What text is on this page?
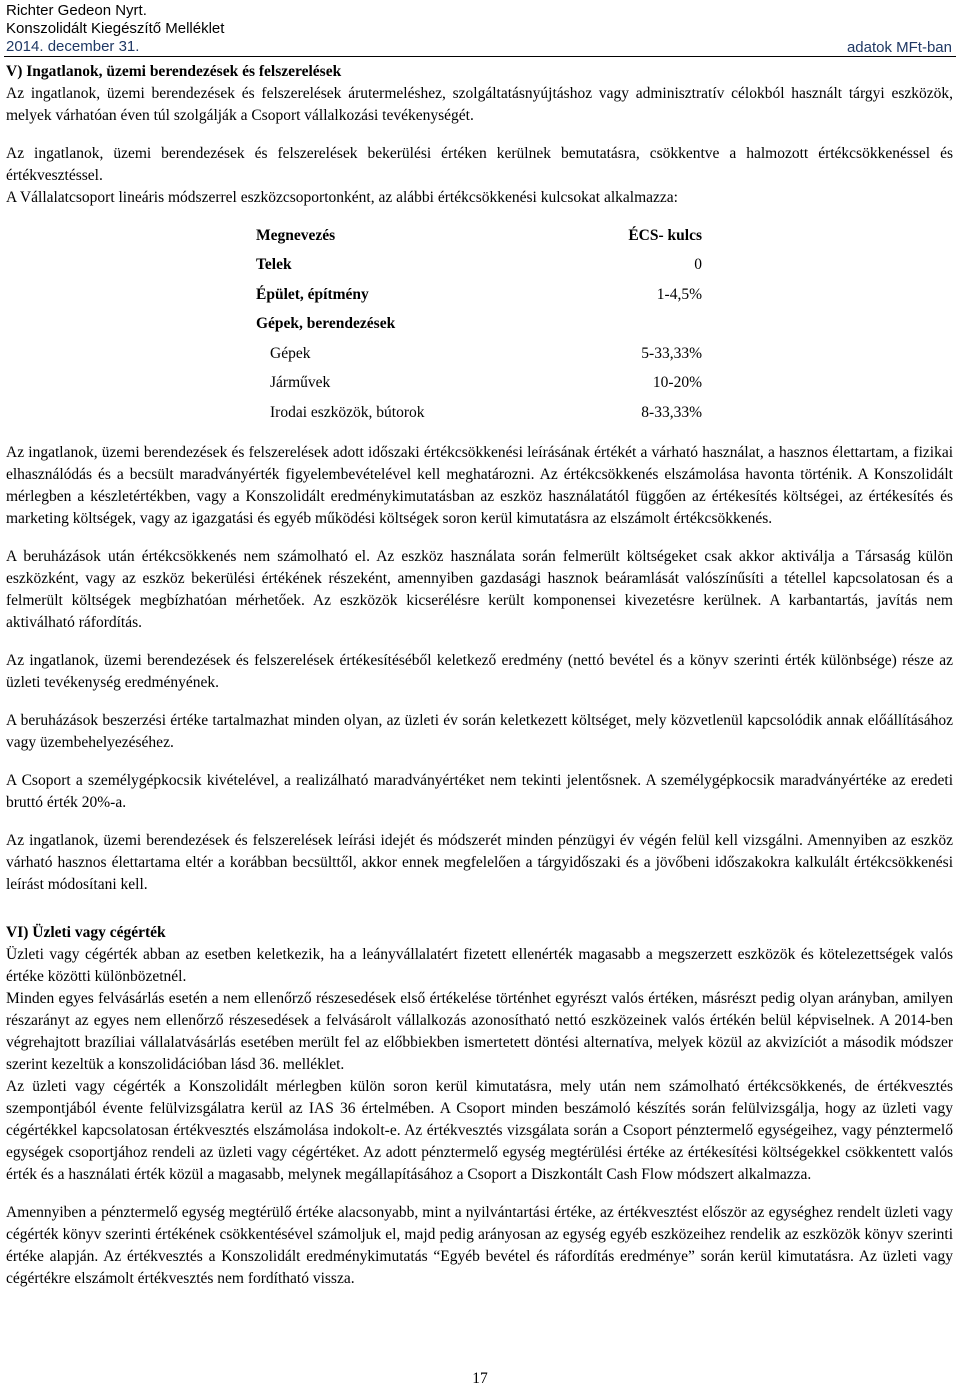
Richter Gedeon Nyrt.
Konszolidált Kiegészítő Melléklet
2014. december 31.	adatok MFt-ban
V) Ingatlanok, üzemi berendezések és felszerelések

Az ingatlanok, üzemi berendezések és felszerelések árutermeléshez, szolgáltatásnyújtáshoz vagy adminisztratív célokból használt tárgyi eszközök, melyek várhatóan éven túl szolgálják a Csoport vállalkozási tevékenységét.

Az ingatlanok, üzemi berendezések és felszerelések bekerülési értéken kerülnek bemutatásra, csökkentve a halmozott értékcsökkenéssel és értékvesztéssel.

A Vállalatcsoport lineáris módszerrel eszközcsoportonként, az alábbi értékcsökkenési kulcsokat alkalmazza:

Megnevezés	ÉCS- kulcs
Telek	0
Épület, építmény	1-4,5%
Gépek, berendezések	
Gépek	5-33,33%
Járművek	10-20%
Irodai eszközök, bútorok	8-33,33%

Az ingatlanok, üzemi berendezések és felszerelések adott időszaki értékcsökkenési leírásának értékét a várható használat, a hasznos élettartam, a fizikai elhasználódás és a becsült maradványérték figyelembevételével kell meghatározni. Az értékcsökkenés elszámolása havonta történik. A Konszolidált mérlegben a készletértékben, vagy a Konszolidált eredménykimutatásban az eszköz használatától függően az értékesítés költségei, az értékesítés és marketing költségek, vagy az igazgatási és egyéb működési költségek soron kerül kimutatásra az elszámolt értékcsökkenés.

A beruházások után értékcsökkenés nem számolható el. Az eszköz használata során felmerült költségeket csak akkor aktiválja a Társaság külön eszközként, vagy az eszköz bekerülési értékének részeként, amennyiben gazdasági hasznok beáramlását valószínűsíti a tétellel kapcsolatosan és a felmerült költségek megbízhatóan mérhetőek. Az eszközök kicserélésre került komponensei kivezetésre kerülnek. A karbantartás, javítás nem aktiválható ráfordítás.

Az ingatlanok, üzemi berendezések és felszerelések értékesítéséből keletkező eredmény (nettó bevétel és a könyv szerinti érték különbsége) része az üzleti tevékenység eredményének.

A beruházások beszerzési értéke tartalmazhat minden olyan, az üzleti év során keletkezett költséget, mely közvetlenül kapcsolódik annak előállításához vagy üzembehelyezéséhez.

A Csoport a személygépkocsik kivételével, a realizálható maradványértéket nem tekinti jelentősnek. A személygépkocsik maradványértéke az eredeti bruttó érték 20%-a.

Az ingatlanok, üzemi berendezések és felszerelések leírási idejét és módszerét minden pénzügyi év végén felül kell vizsgálni. Amennyiben az eszköz várható hasznos élettartama eltér a korábban becsülttől, akkor ennek megfelelően a tárgyidőszaki és a jövőbeni időszakokra kalkulált értékcsökkenési leírást módosítani kell.

VI) Üzleti vagy cégérték

Üzleti vagy cégérték abban az esetben keletkezik, ha a leányvállalatért fizetett ellenérték magasabb a megszerzett eszközök és kötelezettségek valós értéke közötti különbözetnél.

Minden egyes felvásárlás esetén a nem ellenőrző részesedések első értékelése történhet egyrészt valós értéken, másrészt pedig olyan arányban, amilyen részarányt az egyes nem ellenőrző részesedések a felvásárolt vállalkozás azonosítható nettó eszközeinek valós értékén belül képviselnek. A 2014-ben végrehajtott brazíliai vállalatvásárlás esetében merült fel az előbbiekben ismertetett döntési alternatíva, melyek közül az akvizíciót a második módszer szerint kezeltük a konszolidációban lásd 36. melléklet.

Az üzleti vagy cégérték a Konszolidált mérlegben külön soron kerül kimutatásra, mely után nem számolható értékcsökkenés, de értékvesztés szempontjából évente felülvizsgálatra kerül az IAS 36 értelmében. A Csoport minden beszámoló készítés során felülvizsgálja, hogy az üzleti vagy cégértékkel kapcsolatosan értékvesztés elszámolása indokolt-e. Az értékvesztés vizsgálata során a Csoport pénztermelő egységeihez, vagy pénztermelő egységek csoportjához rendeli az üzleti vagy cégértéket. Az adott pénztermelő egység megtérülési értéke az értékesítési költségekkel csökkentett valós érték és a használati érték közül a magasabb, melynek megállapításához a Csoport a Diszkontált Cash Flow módszert alkalmazza.

Amennyiben a pénztermelő egység megtérülő értéke alacsonyabb, mint a nyilvántartási értéke, az értékvesztést először az egységhez rendelt üzleti vagy cégérték könyv szerinti értékének csökkentésével számoljuk el, majd pedig arányosan az egység egyéb eszközeihez rendelik az eszközök könyv szerinti értéke alapján. Az értékvesztés a Konszolidált eredménykimutatás “Egyéb bevétel és ráfordítás eredménye” során kerül kimutatásra. Az üzleti vagy cégértékre elszámolt értékvesztés nem fordítható vissza.

17
